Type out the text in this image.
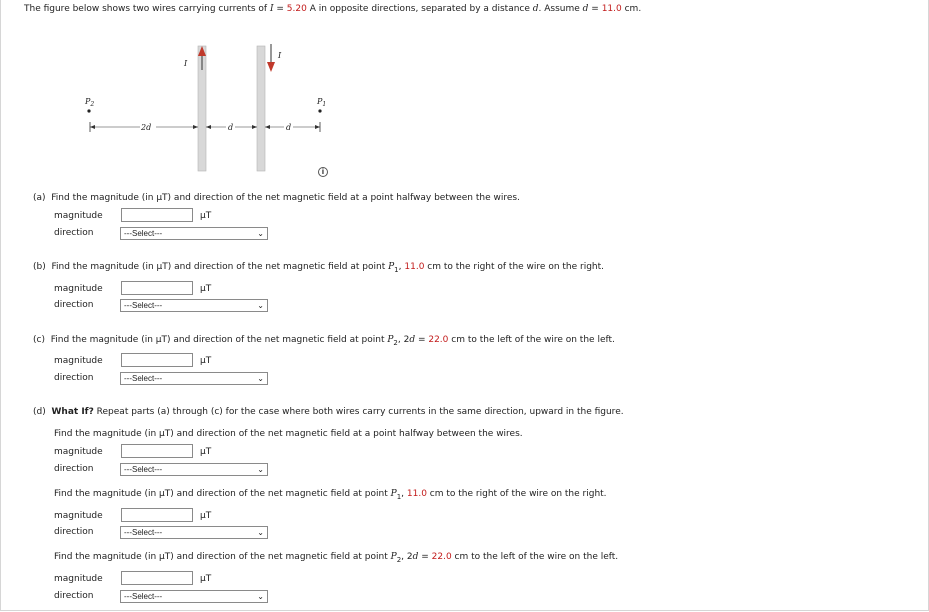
The figure below shows two wires carrying currents of I = 5.20 A in opposite directions, separated by a distance d. Assume d = 11.0 cm.
I
I
$P_2$	$P_1$
2d	d	d
i
(a) Find the magnitude (in μT) and direction of the net magnetic field at a point halfway between the wires.
magnitude	μT
direction	---Select---	⌄
(b) Find the magnitude (in μT) and direction of the net magnetic field at point $P_1$, 11.0 cm to the right of the wire on the right.
magnitude	μT
direction	---Select---	⌄
(c) Find the magnitude (in μT) and direction of the net magnetic field at point $P_2$, 2d = 22.0 cm to the left of the wire on the left.
magnitude	μT
direction	---Select---	⌄
(d) What If? Repeat parts (a) through (c) for the case where both wires carry currents in the same direction, upward in the figure.
Find the magnitude (in μT) and direction of the net magnetic field at a point halfway between the wires.
magnitude	μT
direction	---Select---	⌄
Find the magnitude (in μT) and direction of the net magnetic field at point $P_1$, 11.0 cm to the right of the wire on the right.
magnitude	μT
direction	---Select---	⌄
Find the magnitude (in μT) and direction of the net magnetic field at point $P_2$, 2d = 22.0 cm to the left of the wire on the left.
magnitude	μT
direction	---Select---	⌄
